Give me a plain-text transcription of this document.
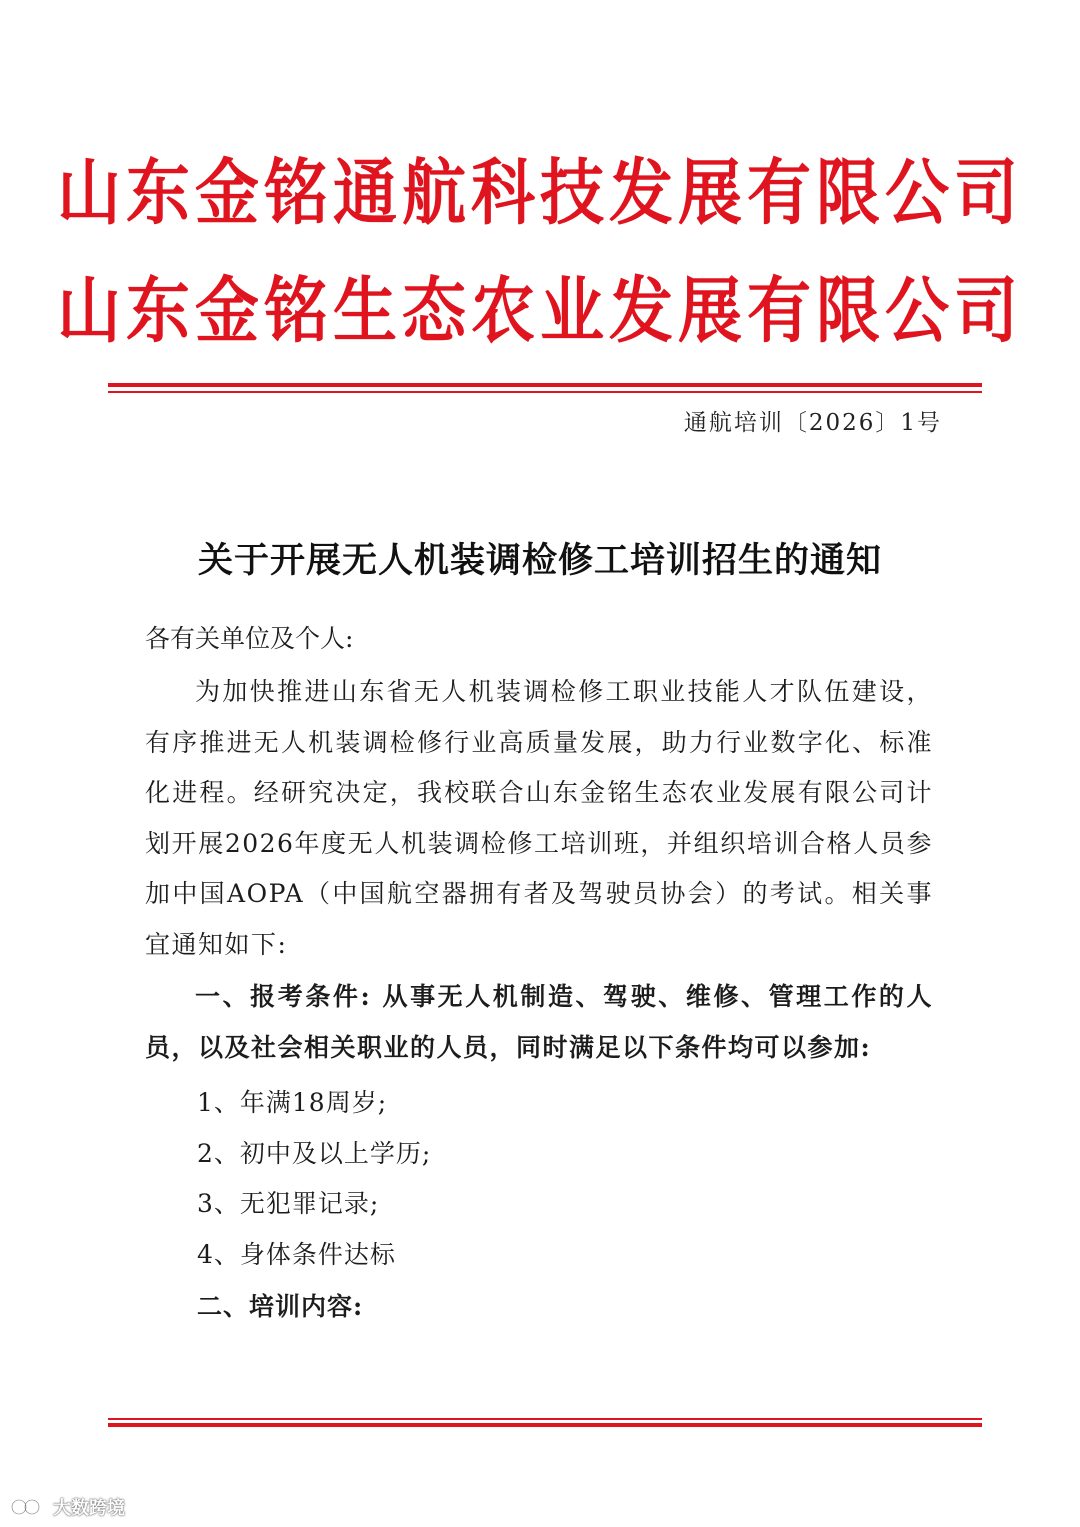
山东金铭通航科技发展有限公司
山东金铭生态农业发展有限公司
通航培训〔2026〕1号
关于开展无人机装调检修工培训招生的通知

各有关单位及个人:

为加快推进山东省无人机装调检修工职业技能人才队伍建设，有序推进无人机装调检修行业高质量发展，助力行业数字化、标准化进程。经研究决定，我校联合山东金铭生态农业发展有限公司计划开展2026年度无人机装调检修工培训班，并组织培训合格人员参加中国AOPA（中国航空器拥有者及驾驶员协会）的考试。相关事宜通知如下:

一、报考条件: 从事无人机制造、驾驶、维修、管理工作的人员，以及社会相关职业的人员，同时满足以下条件均可以参加:

1、年满18周岁;
2、初中及以上学历;
3、无犯罪记录;
4、身体条件达标
二、培训内容:
大数跨境
